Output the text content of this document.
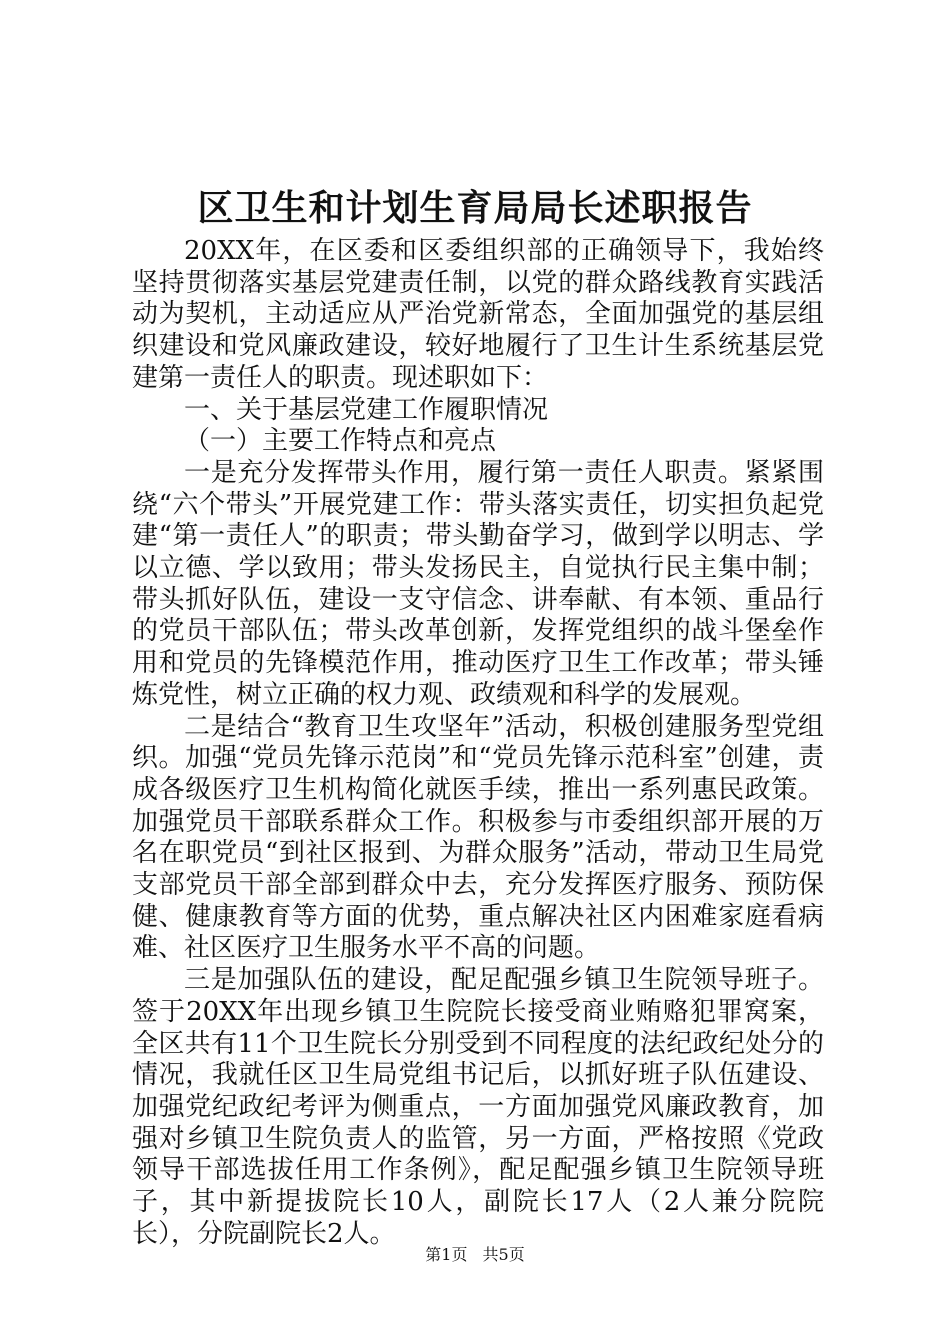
区卫生和计划生育局局长述职报告

20XX年，在区委和区委组织部的正确领导下，我始终坚持贯彻落实基层党建责任制，以党的群众路线教育实践活动为契机，主动适应从严治党新常态，全面加强党的基层组织建设和党风廉政建设，较好地履行了卫生计生系统基层党建第一责任人的职责。现述职如下：

一、关于基层党建工作履职情况

（一）主要工作特点和亮点

一是充分发挥带头作用，履行第一责任人职责。紧紧围绕“六个带头”开展党建工作：带头落实责任，切实担负起党建“第一责任人”的职责；带头勤奋学习，做到学以明志、学以立德、学以致用；带头发扬民主，自觉执行民主集中制；带头抓好队伍，建设一支守信念、讲奉献、有本领、重品行的党员干部队伍；带头改革创新，发挥党组织的战斗堡垒作用和党员的先锋模范作用，推动医疗卫生工作改革；带头锤炼党性，树立正确的权力观、政绩观和科学的发展观。

二是结合“教育卫生攻坚年”活动，积极创建服务型党组织。加强“党员先锋示范岗”和“党员先锋示范科室”创建，责成各级医疗卫生机构简化就医手续，推出一系列惠民政策。加强党员干部联系群众工作。积极参与市委组织部开展的万名在职党员“到社区报到、为群众服务”活动，带动卫生局党支部党员干部全部到群众中去，充分发挥医疗服务、预防保健、健康教育等方面的优势，重点解决社区内困难家庭看病难、社区医疗卫生服务水平不高的问题。

三是加强队伍的建设，配足配强乡镇卫生院领导班子。签于20XX年出现乡镇卫生院院长接受商业贿赂犯罪窝案，全区共有11个卫生院长分别受到不同程度的法纪政纪处分的情况，我就任区卫生局党组书记后，以抓好班子队伍建设、加强党纪政纪考评为侧重点，一方面加强党风廉政教育，加强对乡镇卫生院负责人的监管，另一方面，严格按照《党政领导干部选拔任用工作条例》，配足配强乡镇卫生院领导班子，其中新提拔院长10人，副院长17人（2人兼分院院长），分院副院长2人。

第1页 共5页
